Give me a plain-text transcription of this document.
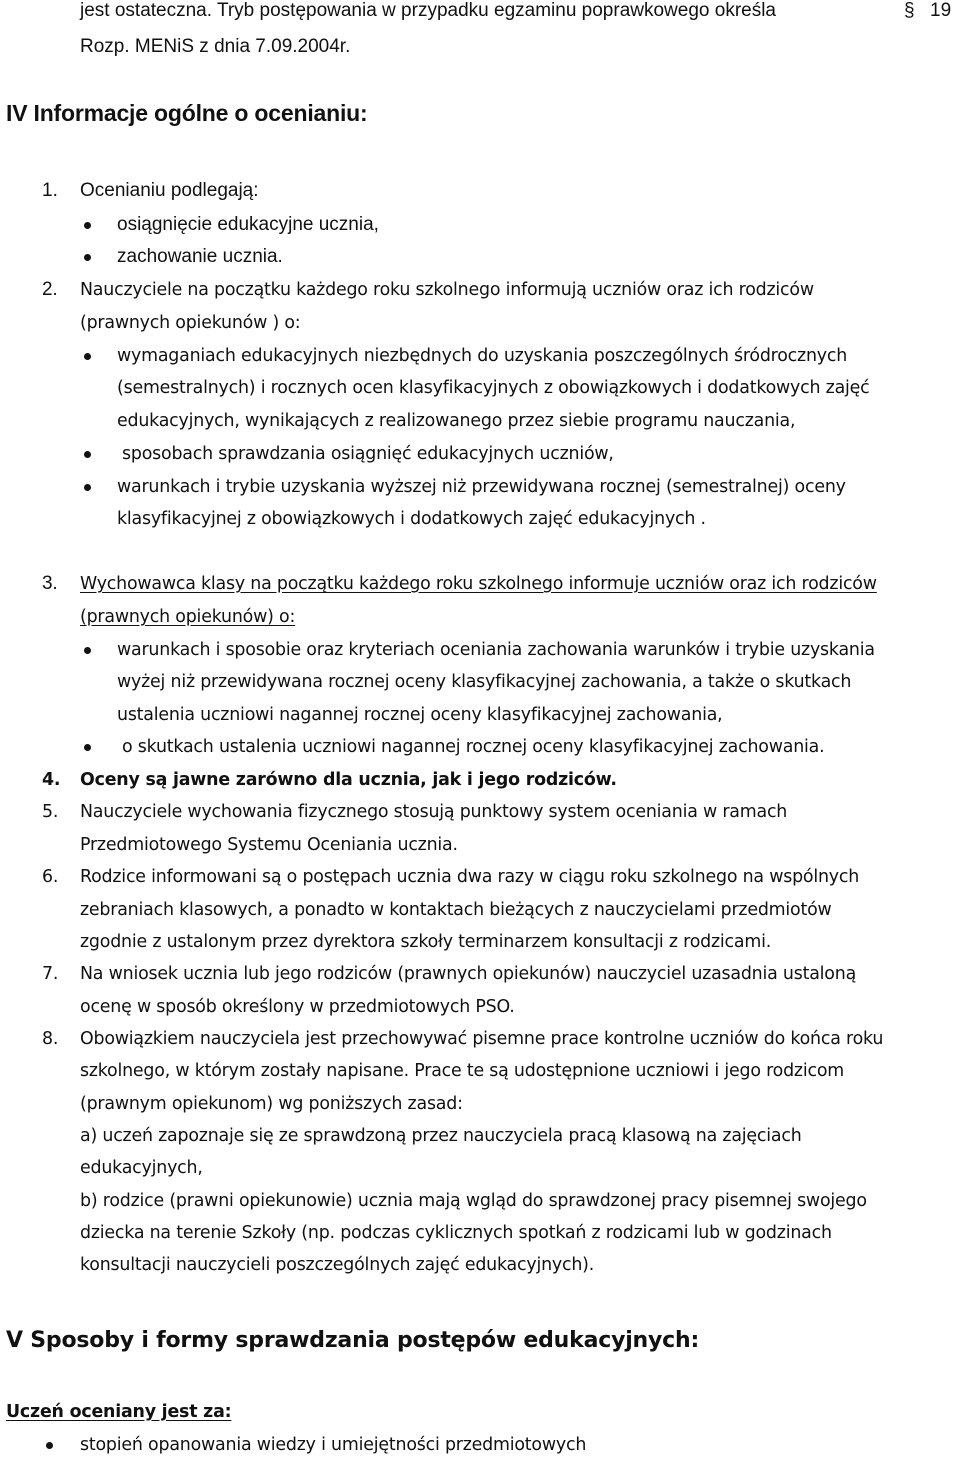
jest ostateczna. Tryb postępowania w przypadku egzaminu poprawkowego określa	§ 19
Rozp. MENiS z dnia 7.09.2004r.
IV Informacje ogólne o ocenianiu:
1. Ocenianiu podlegają:
osiągnięcie edukacyjne ucznia,
zachowanie ucznia.
2. Nauczyciele na początku każdego roku szkolnego informują uczniów oraz ich rodziców
(prawnych opiekunów ) o:
wymaganiach edukacyjnych niezbędnych do uzyskania poszczególnych śródrocznych
(semestralnych) i rocznych ocen klasyfikacyjnych z obowiązkowych i dodatkowych zajęć
edukacyjnych, wynikających z realizowanego przez siebie programu nauczania,
sposobach sprawdzania osiągnięć edukacyjnych uczniów,
warunkach i trybie uzyskania wyższej niż przewidywana rocznej (semestralnej) oceny
klasyfikacyjnej z obowiązkowych i dodatkowych zajęć edukacyjnych .
3. Wychowawca klasy na początku każdego roku szkolnego informuje uczniów oraz ich rodziców
(prawnych opiekunów) o:
warunkach i sposobie oraz kryteriach oceniania zachowania warunków i trybie uzyskania
wyżej niż przewidywana rocznej oceny klasyfikacyjnej zachowania, a także o skutkach
ustalenia uczniowi nagannej rocznej oceny klasyfikacyjnej zachowania,
o skutkach ustalenia uczniowi nagannej rocznej oceny klasyfikacyjnej zachowania.
4. Oceny są jawne zarówno dla ucznia, jak i jego rodziców.
5. Nauczyciele wychowania fizycznego stosują punktowy system oceniania w ramach
Przedmiotowego Systemu Oceniania ucznia.
6. Rodzice informowani są o postępach ucznia dwa razy w ciągu roku szkolnego na wspólnych
zebraniach klasowych, a ponadto w kontaktach bieżących z nauczycielami przedmiotów
zgodnie z ustalonym przez dyrektora szkoły terminarzem konsultacji z rodzicami.
7. Na wniosek ucznia lub jego rodziców (prawnych opiekunów) nauczyciel uzasadnia ustaloną
ocenę w sposób określony w przedmiotowych PSO.
8. Obowiązkiem nauczyciela jest przechowywać pisemne prace kontrolne uczniów do końca roku
szkolnego, w którym zostały napisane. Prace te są udostępnione uczniowi i jego rodzicom
(prawnym opiekunom) wg poniższych zasad:
a) uczeń zapoznaje się ze sprawdzoną przez nauczyciela pracą klasową na zajęciach
edukacyjnych,
b) rodzice (prawni opiekunowie) ucznia mają wgląd do sprawdzonej pracy pisemnej swojego
dziecka na terenie Szkoły (np. podczas cyklicznych spotkań z rodzicami lub w godzinach
konsultacji nauczycieli poszczególnych zajęć edukacyjnych).
V Sposoby i formy sprawdzania postępów edukacyjnych:
Uczeń oceniany jest za:
stopień opanowania wiedzy i umiejętności przedmiotowych
